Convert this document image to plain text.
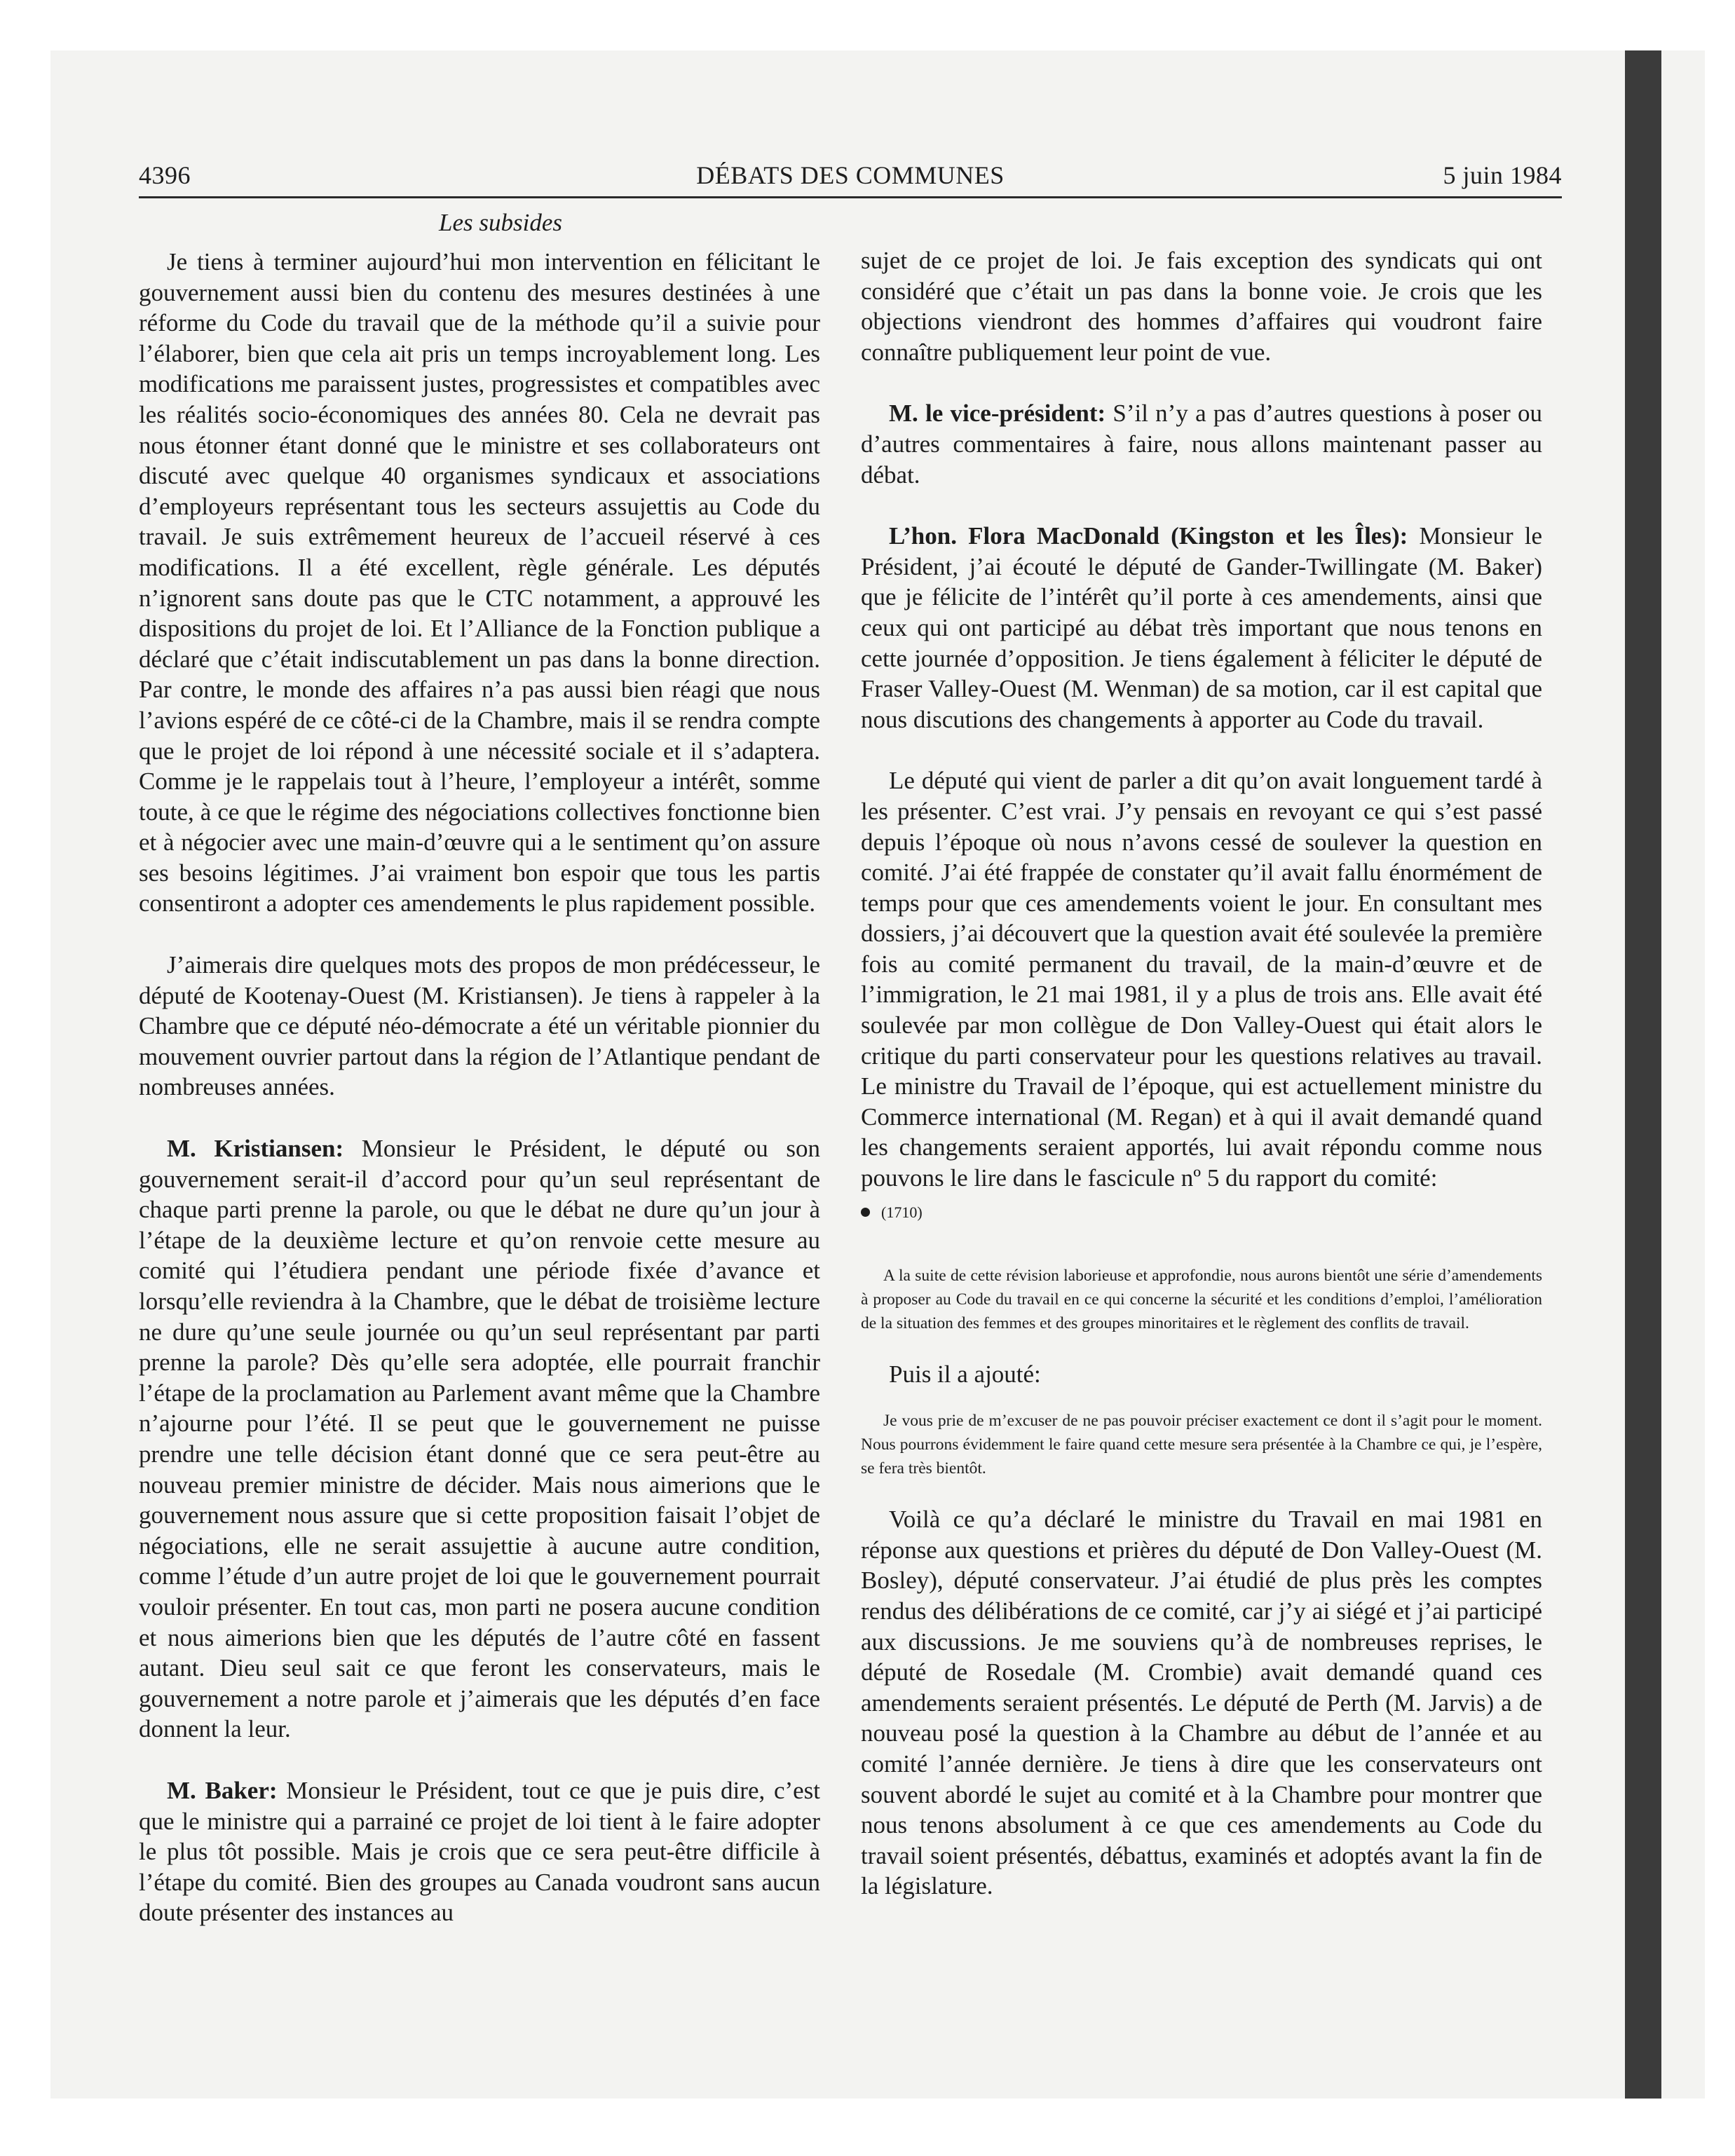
4396	DÉBATS DES COMMUNES	5 juin 1984
Les subsides

Je tiens à terminer aujourd’hui mon intervention en félicitant le gouvernement aussi bien du contenu des mesures destinées à une réforme du Code du travail que de la méthode qu’il a suivie pour l’élaborer, bien que cela ait pris un temps incroyablement long. Les modifications me paraissent justes, progressistes et compatibles avec les réalités socio-économiques des années 80. Cela ne devrait pas nous étonner étant donné que le ministre et ses collaborateurs ont discuté avec quelque 40 organismes syndicaux et associations d’employeurs représentant tous les secteurs assujettis au Code du travail. Je suis extrêmement heureux de l’accueil réservé à ces modifications. Il a été excellent, règle générale. Les députés n’ignorent sans doute pas que le CTC notamment, a approuvé les dispositions du projet de loi. Et l’Alliance de la Fonction publique a déclaré que c’était indiscutablement un pas dans la bonne direction. Par contre, le monde des affaires n’a pas aussi bien réagi que nous l’avions espéré de ce côté-ci de la Chambre, mais il se rendra compte que le projet de loi répond à une nécessité sociale et il s’adaptera. Comme je le rappelais tout à l’heure, l’employeur a intérêt, somme toute, à ce que le régime des négociations collectives fonctionne bien et à négocier avec une main-d’œuvre qui a le sentiment qu’on assure ses besoins légitimes. J’ai vraiment bon espoir que tous les partis consentiront a adopter ces amendements le plus rapidement possible.

J’aimerais dire quelques mots des propos de mon prédécesseur, le député de Kootenay-Ouest (M. Kristiansen). Je tiens à rappeler à la Chambre que ce député néo-démocrate a été un véritable pionnier du mouvement ouvrier partout dans la région de l’Atlantique pendant de nombreuses années.

M. Kristiansen: Monsieur le Président, le député ou son gouvernement serait-il d’accord pour qu’un seul représentant de chaque parti prenne la parole, ou que le débat ne dure qu’un jour à l’étape de la deuxième lecture et qu’on renvoie cette mesure au comité qui l’étudiera pendant une période fixée d’avance et lorsqu’elle reviendra à la Chambre, que le débat de troisième lecture ne dure qu’une seule journée ou qu’un seul représentant par parti prenne la parole? Dès qu’elle sera adoptée, elle pourrait franchir l’étape de la proclamation au Parlement avant même que la Chambre n’ajourne pour l’été. Il se peut que le gouvernement ne puisse prendre une telle décision étant donné que ce sera peut-être au nouveau premier ministre de décider. Mais nous aimerions que le gouvernement nous assure que si cette proposition faisait l’objet de négociations, elle ne serait assujettie à aucune autre condition, comme l’étude d’un autre projet de loi que le gouvernement pourrait vouloir présenter. En tout cas, mon parti ne posera aucune condition et nous aimerions bien que les députés de l’autre côté en fassent autant. Dieu seul sait ce que feront les conservateurs, mais le gouvernement a notre parole et j’aimerais que les députés d’en face donnent la leur.

M. Baker: Monsieur le Président, tout ce que je puis dire, c’est que le ministre qui a parrainé ce projet de loi tient à le faire adopter le plus tôt possible. Mais je crois que ce sera peut-être difficile à l’étape du comité. Bien des groupes au Canada voudront sans aucun doute présenter des instances au

sujet de ce projet de loi. Je fais exception des syndicats qui ont considéré que c’était un pas dans la bonne voie. Je crois que les objections viendront des hommes d’affaires qui voudront faire connaître publiquement leur point de vue.

M. le vice-président: S’il n’y a pas d’autres questions à poser ou d’autres commentaires à faire, nous allons maintenant passer au débat.

L’hon. Flora MacDonald (Kingston et les Îles): Monsieur le Président, j’ai écouté le député de Gander-Twillingate (M. Baker) que je félicite de l’intérêt qu’il porte à ces amendements, ainsi que ceux qui ont participé au débat très important que nous tenons en cette journée d’opposition. Je tiens également à féliciter le député de Fraser Valley-Ouest (M. Wenman) de sa motion, car il est capital que nous discutions des changements à apporter au Code du travail.

Le député qui vient de parler a dit qu’on avait longuement tardé à les présenter. C’est vrai. J’y pensais en revoyant ce qui s’est passé depuis l’époque où nous n’avons cessé de soulever la question en comité. J’ai été frappée de constater qu’il avait fallu énormément de temps pour que ces amendements voient le jour. En consultant mes dossiers, j’ai découvert que la question avait été soulevée la première fois au comité permanent du travail, de la main-d’œuvre et de l’immigration, le 21 mai 1981, il y a plus de trois ans. Elle avait été soulevée par mon collègue de Don Valley-Ouest qui était alors le critique du parti conservateur pour les questions relatives au travail. Le ministre du Travail de l’époque, qui est actuellement ministre du Commerce international (M. Regan) et à qui il avait demandé quand les changements seraient apportés, lui avait répondu comme nous pouvons le lire dans le fascicule nº 5 du rapport du comité:

(1710)

A la suite de cette révision laborieuse et approfondie, nous aurons bientôt une série d’amendements à proposer au Code du travail en ce qui concerne la sécurité et les conditions d’emploi, l’amélioration de la situation des femmes et des groupes minoritaires et le règlement des conflits de travail.

Puis il a ajouté:

Je vous prie de m’excuser de ne pas pouvoir préciser exactement ce dont il s’agit pour le moment. Nous pourrons évidemment le faire quand cette mesure sera présentée à la Chambre ce qui, je l’espère, se fera très bientôt.

Voilà ce qu’a déclaré le ministre du Travail en mai 1981 en réponse aux questions et prières du député de Don Valley-Ouest (M. Bosley), député conservateur. J’ai étudié de plus près les comptes rendus des délibérations de ce comité, car j’y ai siégé et j’ai participé aux discussions. Je me souviens qu’à de nombreuses reprises, le député de Rosedale (M. Crombie) avait demandé quand ces amendements seraient présentés. Le député de Perth (M. Jarvis) a de nouveau posé la question à la Chambre au début de l’année et au comité l’année dernière. Je tiens à dire que les conservateurs ont souvent abordé le sujet au comité et à la Chambre pour montrer que nous tenons absolument à ce que ces amendements au Code du travail soient présentés, débattus, examinés et adoptés avant la fin de la législature.
